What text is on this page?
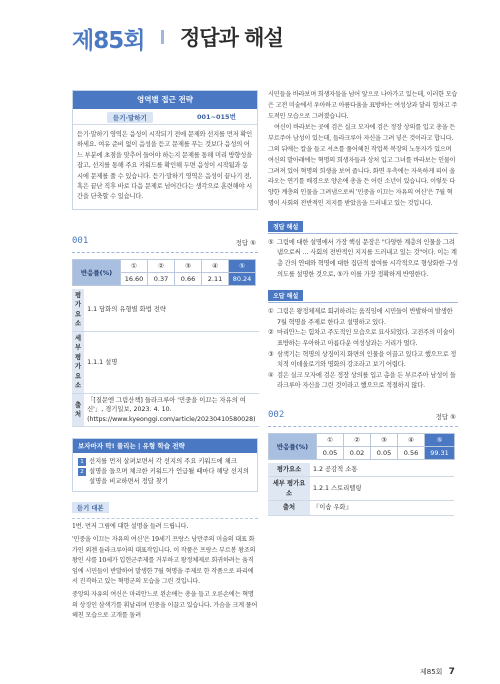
제85회 정답과 해설
영역별 접근 전략
듣기·말하기	001~015번
듣기·말하기 영역은 음성이 시작되기 전에 문제와 선지를 먼저 확인하세요. 여유 준비 없이 음성을 듣고 문제를 푸는 것보다 음성의 어느 부분에 초점을 맞추어 들어야 하는지 문제를 통해 미리 방향성을 잡고, 선지를 통해 주요 키워드를 확인해 두면 음성이 시작됨과 동시에 문제를 풀 수 있습니다. 듣기·말하기 영역은 음성이 끝나기 전, 혹은 끝난 직후 바로 다음 문제로 넘어간다는 생각으로 훈련해야 시간을 단축할 수 있습니다.
001	정답 ⑤
반응률(%)	①	②	③	④	⑤
	16.60	0.37	0.66	2.11	80.24
평가요소	1.1 담화의 유형별 화법 전략
세부 평가요소	1.1.1 설명
출처	「[질문엔 그림산책] 들라크루아 '민중을 이끄는 자유의 여신'」, 경기일보, 2023. 4. 10. (https://www.kyeonggi.com/article/20230410580028)
보자마자 딱! 풀리는 | 유형 학습 전략
1 선지를 먼저 살펴보면서 각 선지의 주요 키워드에 체크
2 설명을 들으며 체크한 키워드가 언급될 때마다 해당 선지의 설명을 비교하면서 정답 찾기
듣기 대본

1번. 먼저 그림에 대한 설명을 들려 드립니다.

'민중을 이끄는 자유의 여신'은 19세기 프랑스 낭만주의 미술의 대표 화가인 외젠 들라크루아의 대표작입니다. 이 작품은 프랑스 부르봉 왕조의 왕인 샤를 10세가 입헌군주제를 거부하고 왕정체제로 회귀하려는 움직임에 시민들이 반발하여 발생한 7월 혁명을 주제로 한 작품으로 파리에서 진격하고 있는 혁명군의 모습을 그린 것입니다.

중앙의 자유의 여신은 마리안느로 왼손에는 총을 들고 오른손에는 혁명의 상징인 삼색기를 휘날리며 민중을 이끌고 있습니다. 가슴을 크게 풀어헤친 모습으로 고개를 돌려

시민들을 바라보며 희생자들을 넘어 앞으로 나아가고 있는데, 이러한 모습은 고전 미술에서 우아하고 아름다움을 표방하는 여성상과 달리 힘차고 주도적인 모습으로 그려졌습니다.

여신이 바라보는 곳에 검은 실크 모자에 검은 정장 상의를 입고 총을 든 부르주아 남성이 있는데, 들라크루아 자신을 그려 넣은 것이라고 합니다. 그의 뒤에는 칼을 들고 셔츠를 풀어헤친 작업복 복장의 노동자가 있으며 여신의 발아래에는 혁명의 희생자들과 상처 입고 그녀를 바라보는 인물이 그려져 있어 혁명의 희생을 보여 줍니다. 화면 우측에는 자욱하게 피어 올라오는 연기를 배경으로 양손에 총을 든 어린 소년이 있습니다. 이렇듯 다양한 계층의 인물을 그려냄으로써 '민중을 이끄는 자유의 여신'은 7월 혁명이 사회의 전반적인 지지를 받았음을 드러내고 있는 것입니다.

정답 해설
⑤ 그림에 대한 설명에서 가장 핵심 문장은 "다양한 계층의 인물을 그려냄으로써 … 사회의 전반적인 지지를 드러내고 있는 것"이다. 이는 계층 간의 연대와 혁명에 대한 집단적 참여를 시각적으로 형상화한 구성 의도를 설명한 것으로, ⑤가 이를 가장 정확하게 반영한다.
오답 해설
① 그림은 왕정체제로 회귀하려는 움직임에 시민들이 반발하여 발생한 7월 혁명을 주제로 한다고 설명하고 있다.
② 마리안느는 힘차고 주도적인 모습으로 묘사되었다. 고전주의 미술이 표방하는 우아하고 아름다운 여성상과는 거리가 멀다.
③ 삼색기는 혁명의 상징이지 화면의 인물을 이끌고 있다고 했으므로 정치적 이데올로기와 명화의 강조라고 보기 어렵다.
④ 검은 실크 모자에 검은 정장 상의를 입고 총을 든 부르주아 남성이 들라크루아 자신을 그린 것이라고 했으므로 적절하지 않다.
002	정답 ⑤
반응률(%)	①	②	③	④	⑤
	0.05	0.02	0.05	0.56	99.31
평가요소	1.2 공감적 소통
세부 평가요소	1.2.1 스토리텔링
출처	『이솝 우화』
제85회 7
